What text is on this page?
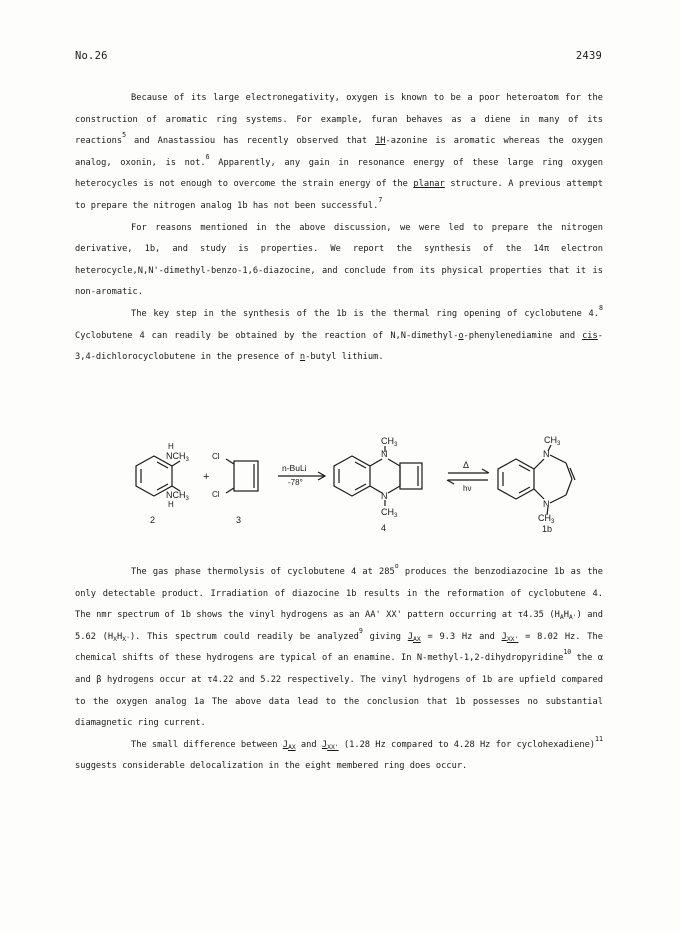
No.26	2439

Because of its large electronegativity, oxygen is known to be a poor heteroatom for the construction of aromatic ring systems. For example, furan behaves as a diene in many of its reactions$^5$ and Anastassiou has recently observed that 1H-azonine is aromatic whereas the oxygen analog, oxonin, is not.$^6$ Apparently, any gain in resonance energy of these large ring oxygen heterocycles is not enough to overcome the strain energy of the planar structure. A previous attempt to prepare the nitrogen analog 1b has not been successful.$^7$

For reasons mentioned in the above discussion, we were led to prepare the nitrogen derivative, 1b, and study is properties. We report the synthesis of the 14π electron heterocycle,N,N'-dimethyl-benzo-1,6-diazocine, and conclude from its physical properties that it is non-aromatic.

The key step in the synthesis of the 1b is the thermal ring opening of cyclobutene 4.$^8$ Cyclobutene 4 can readily be obtained by the reaction of N,N-dimethyl-o-phenylenediamine and cis-3,4-dichlorocyclobutene in the presence of n-butyl lithium.

H
$NCH_3$
$NCH_3$
H
+
Cl
Cl
n-BuLi
-78°
$CH_3$
N
N
$CH_3$
Δ
hν
$CH_3$
N
N
$CH_3$
2	3
4	1b

The gas phase thermolysis of cyclobutene 4 at 285$^o$ produces the benzodiazocine 1b as the only detectable product. Irradiation of diazocine 1b results in the reformation of cyclobutene 4. The nmr spectrum of 1b shows the vinyl hydrogens as an AA' XX' pattern occurring at τ4.35 $(H_AH_{A'})$ and 5.62 $(H_XH_{X'})$. This spectrum could readily be analyzed$^9$ giving $J_{AX} = 9.3$ Hz and $J_{XX'} = 8.02$ Hz. The chemical shifts of these hydrogens are typical of an enamine. In N-methyl-1,2-dihydropyridine$^{10}$ the α and β hydrogens occur at τ4.22 and 5.22 respectively. The vinyl hydrogens of 1b are upfield compared to the oxygen analog 1a The above data lead to the conclusion that 1b possesses no substantial diamagnetic ring current.

The small difference between $J_{AX}$ and $J_{XX'}$ (1.28 Hz compared to 4.28 Hz for cyclohexadiene)$^{11}$ suggests considerable delocalization in the eight membered ring does occur.
